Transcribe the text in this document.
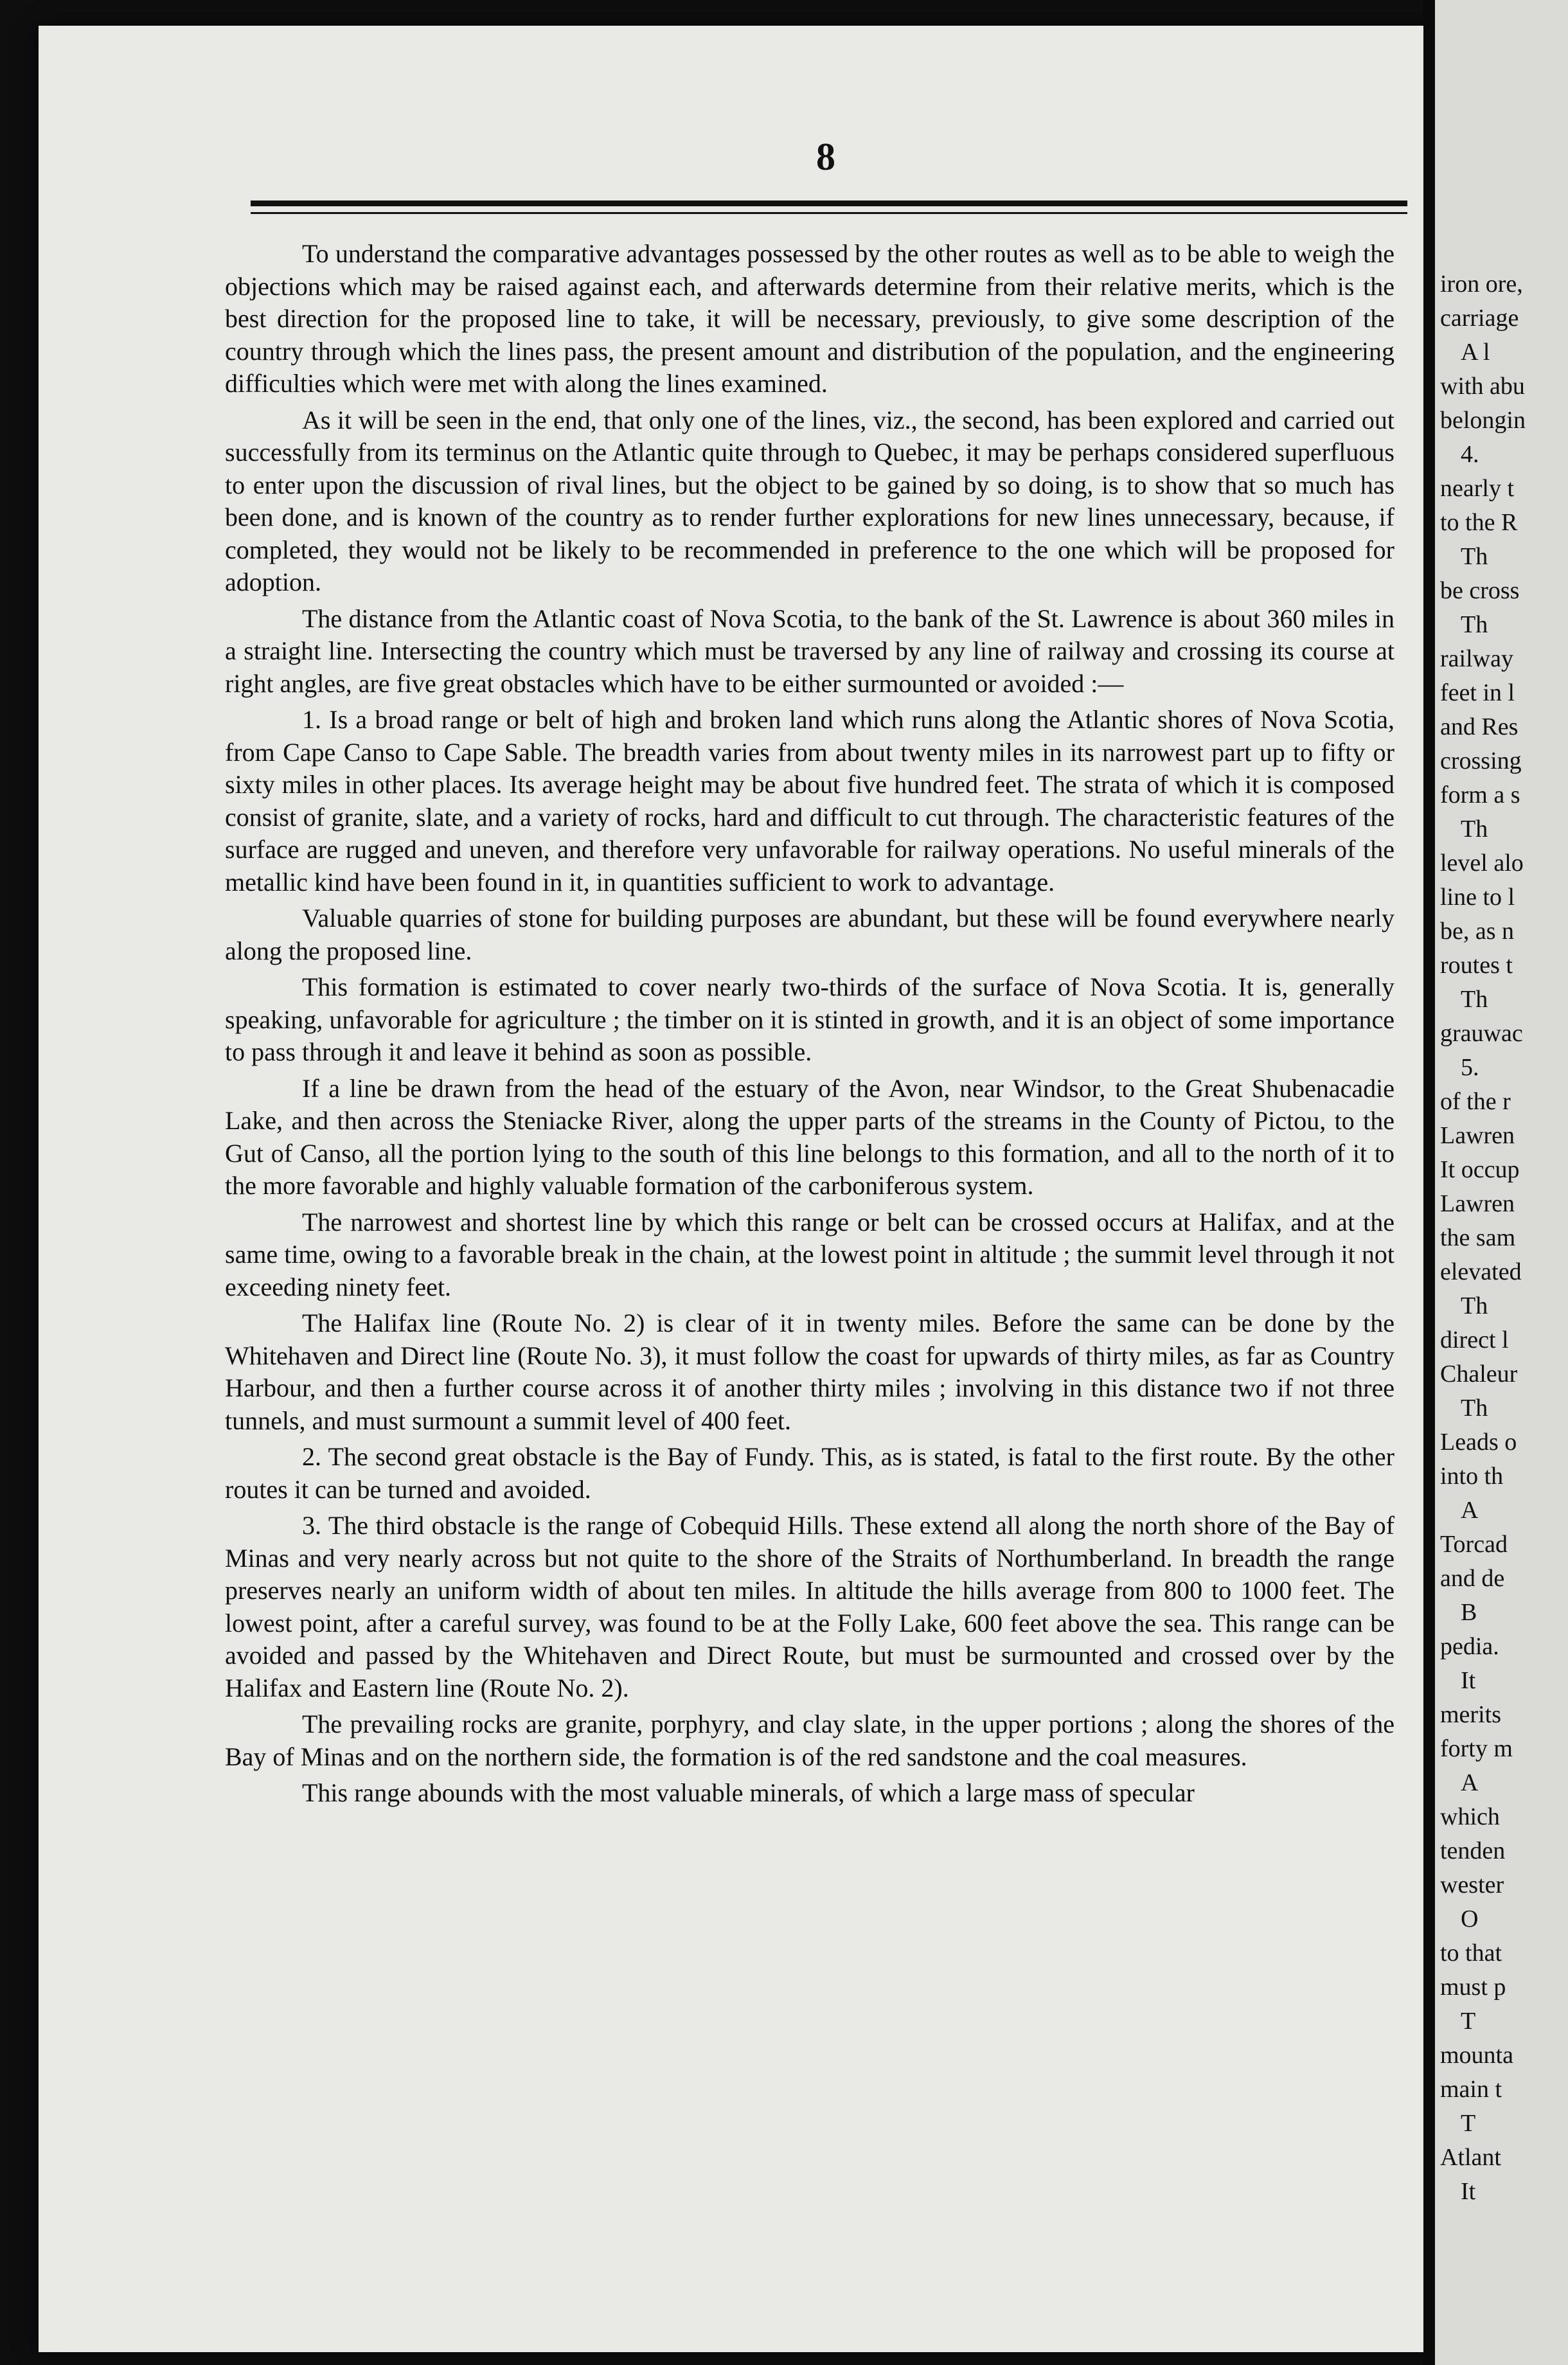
8

To understand the comparative advantages possessed by the other routes as well as to be able to weigh the objections which may be raised against each, and afterwards determine from their relative merits, which is the best direction for the proposed line to take, it will be necessary, previously, to give some description of the country through which the lines pass, the present amount and distribution of the population, and the engineering difficulties which were met with along the lines examined.

As it will be seen in the end, that only one of the lines, viz., the second, has been explored and carried out successfully from its terminus on the Atlantic quite through to Quebec, it may be perhaps considered superfluous to enter upon the discussion of rival lines, but the object to be gained by so doing, is to show that so much has been done, and is known of the country as to render further explorations for new lines unnecessary, because, if completed, they would not be likely to be recommended in preference to the one which will be proposed for adoption.

The distance from the Atlantic coast of Nova Scotia, to the bank of the St. Lawrence is about 360 miles in a straight line. Intersecting the country which must be traversed by any line of railway and crossing its course at right angles, are five great obstacles which have to be either surmounted or avoided :—

1. Is a broad range or belt of high and broken land which runs along the Atlantic shores of Nova Scotia, from Cape Canso to Cape Sable. The breadth varies from about twenty miles in its narrowest part up to fifty or sixty miles in other places. Its average height may be about five hundred feet. The strata of which it is composed consist of granite, slate, and a variety of rocks, hard and difficult to cut through. The characteristic features of the surface are rugged and uneven, and therefore very unfavorable for railway operations. No useful minerals of the metallic kind have been found in it, in quantities sufficient to work to advantage.

Valuable quarries of stone for building purposes are abundant, but these will be found everywhere nearly along the proposed line.

This formation is estimated to cover nearly two-thirds of the surface of Nova Scotia. It is, generally speaking, unfavorable for agriculture ; the timber on it is stinted in growth, and it is an object of some importance to pass through it and leave it behind as soon as possible.

If a line be drawn from the head of the estuary of the Avon, near Windsor, to the Great Shubenacadie Lake, and then across the Steniacke River, along the upper parts of the streams in the County of Pictou, to the Gut of Canso, all the portion lying to the south of this line belongs to this formation, and all to the north of it to the more favorable and highly valuable formation of the carboniferous system.

The narrowest and shortest line by which this range or belt can be crossed occurs at Halifax, and at the same time, owing to a favorable break in the chain, at the lowest point in altitude ; the summit level through it not exceeding ninety feet.

The Halifax line (Route No. 2) is clear of it in twenty miles. Before the same can be done by the Whitehaven and Direct line (Route No. 3), it must follow the coast for upwards of thirty miles, as far as Country Harbour, and then a further course across it of another thirty miles ; involving in this distance two if not three tunnels, and must surmount a summit level of 400 feet.

2. The second great obstacle is the Bay of Fundy. This, as is stated, is fatal to the first route. By the other routes it can be turned and avoided.

3. The third obstacle is the range of Cobequid Hills. These extend all along the north shore of the Bay of Minas and very nearly across but not quite to the shore of the Straits of Northumberland. In breadth the range preserves nearly an uniform width of about ten miles. In altitude the hills average from 800 to 1000 feet. The lowest point, after a careful survey, was found to be at the Folly Lake, 600 feet above the sea. This range can be avoided and passed by the Whitehaven and Direct Route, but must be surmounted and crossed over by the Halifax and Eastern line (Route No. 2).

The prevailing rocks are granite, porphyry, and clay slate, in the upper portions ; along the shores of the Bay of Minas and on the northern side, the formation is of the red sandstone and the coal measures.

This range abounds with the most valuable minerals, of which a large mass of specular

iron ore,
carriage
A l
with abu
belongin
4.
nearly t
to the R
Th
be cross
Th
railway
feet in l
and Res
crossing
form a s
Th
level alo
line to l
be, as n
routes t
Th
grauwac
5.
of the r
Lawren
It occup
Lawren
the sam
elevated
Th
direct l
Chaleur
Th
Leads o
into th
A
Torcad
and de
B
pedia.
It
merits
forty m
A
which
tenden
wester
O
to that
must p
T
mounta
main t
T
Atlant
It
